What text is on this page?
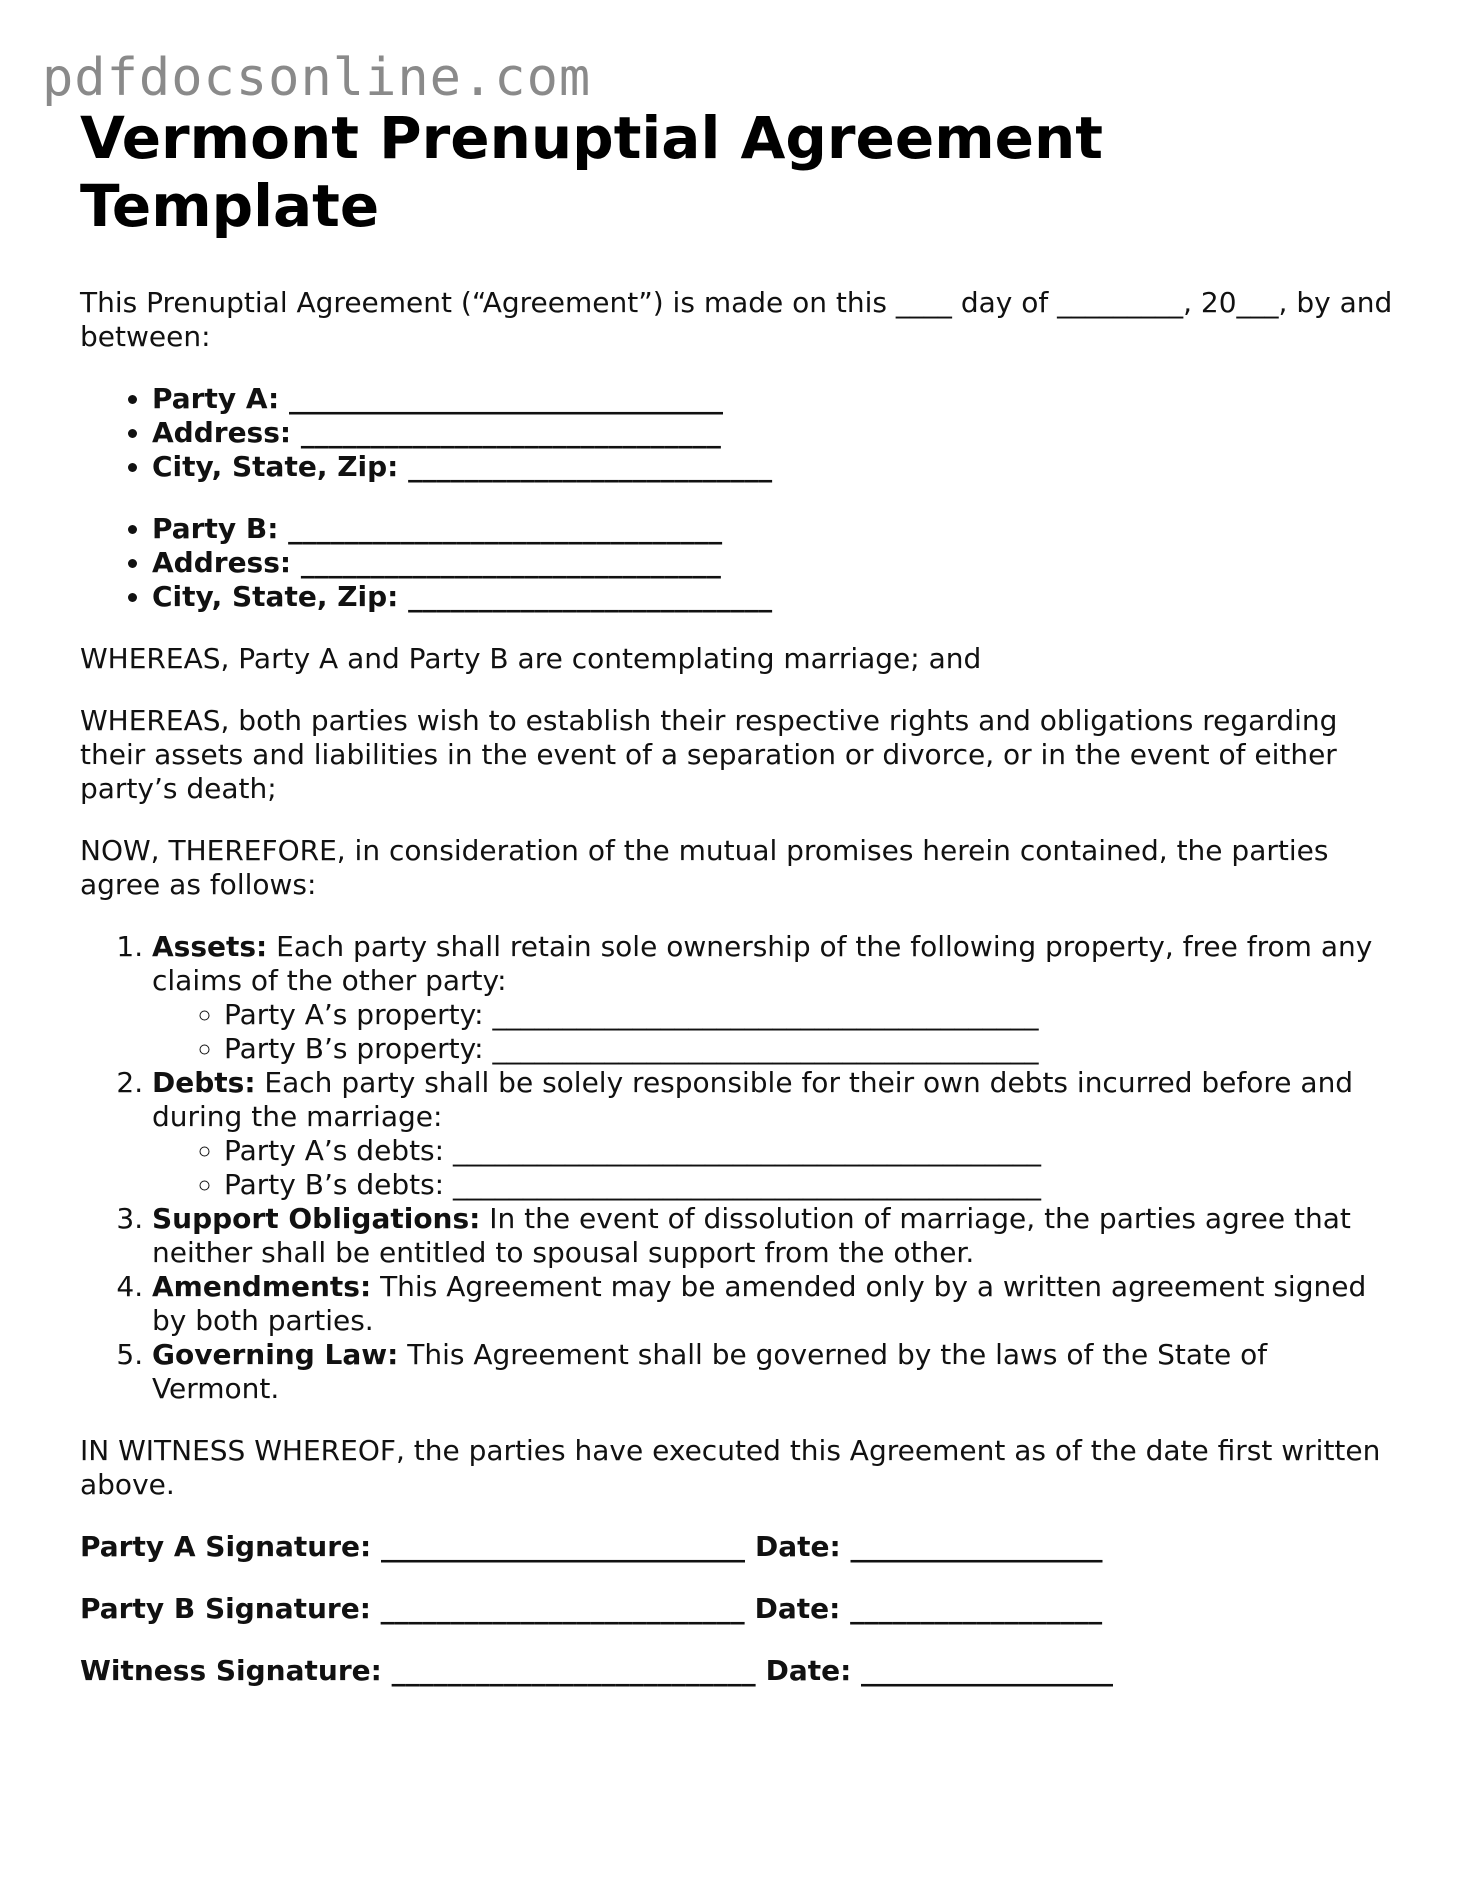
pdfdocsonline.com
Vermont Prenuptial Agreement Template

This Prenuptial Agreement (“Agreement”) is made on this ____ day of _________, 20___, by and between:

• Party A: _______________________________
• Address: ______________________________
• City, State, Zip: __________________________
• Party B: _______________________________
• Address: ______________________________
• City, State, Zip: __________________________

WHEREAS, Party A and Party B are contemplating marriage; and

WHEREAS, both parties wish to establish their respective rights and obligations regarding their assets and liabilities in the event of a separation or divorce, or in the event of either party’s death;

NOW, THEREFORE, in consideration of the mutual promises herein contained, the parties agree as follows:

1. Assets: Each party shall retain sole ownership of the following property, free from any claims of the other party:
◦ Party A’s property: _______________________________________
◦ Party B’s property: _______________________________________
2. Debts: Each party shall be solely responsible for their own debts incurred before and during the marriage:
◦ Party A’s debts: __________________________________________
◦ Party B’s debts: __________________________________________
3. Support Obligations: In the event of dissolution of marriage, the parties agree that neither shall be entitled to spousal support from the other.
4. Amendments: This Agreement may be amended only by a written agreement signed by both parties.
5. Governing Law: This Agreement shall be governed by the laws of the State of Vermont.

IN WITNESS WHEREOF, the parties have executed this Agreement as of the date first written above.

Party A Signature: __________________________ Date: __________________
Party B Signature: __________________________ Date: __________________
Witness Signature: __________________________ Date: __________________
